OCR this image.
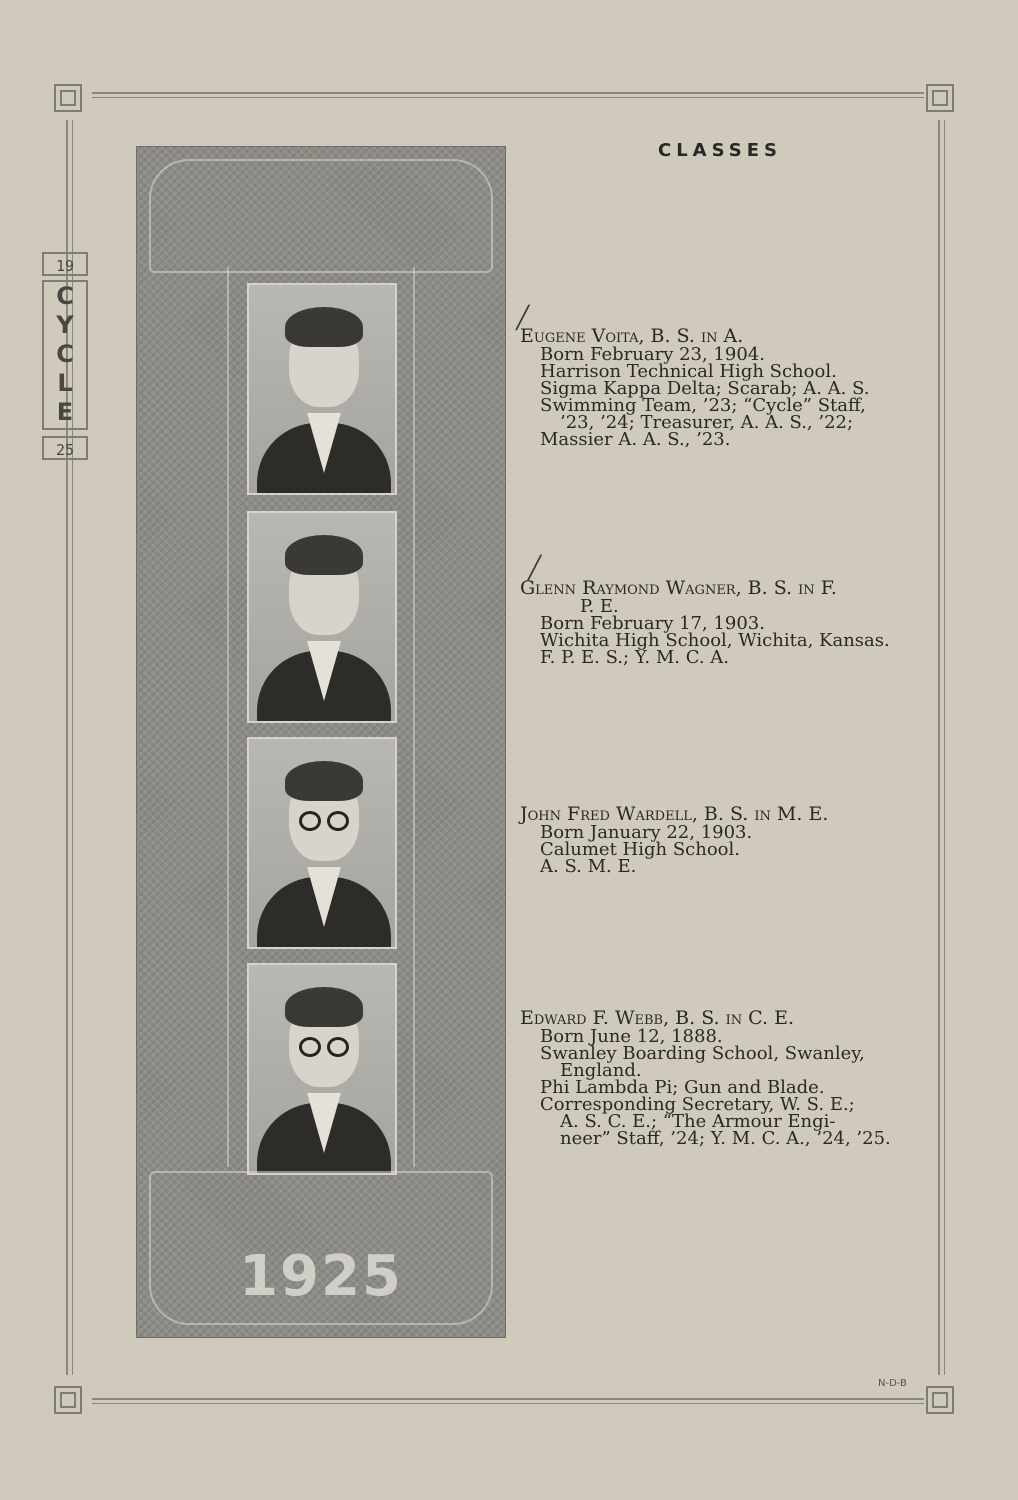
19
C
Y
C
L
E
25
CLASSES
1925
╱
╱
Eugene Voita, B. S. in A.
Born February 23, 1904.
Harrison Technical High School.
Sigma Kappa Delta; Scarab; A. A. S.
Swimming Team, ’23; “Cycle” Staff,
’23, ’24; Treasurer, A. A. S., ’22;
Massier A. A. S., ’23.
Glenn Raymond Wagner, B. S. in F.
P. E.
Born February 17, 1903.
Wichita High School, Wichita, Kansas.
F. P. E. S.; Y. M. C. A.
John Fred Wardell, B. S. in M. E.
Born January 22, 1903.
Calumet High School.
A. S. M. E.
Edward F. Webb, B. S. in C. E.
Born June 12, 1888.
Swanley Boarding School, Swanley,
England.
Phi Lambda Pi; Gun and Blade.
Corresponding Secretary, W. S. E.;
A. S. C. E.; “The Armour Engi-
neer” Staff, ’24; Y. M. C. A., ’24, ’25.
N-D-B
